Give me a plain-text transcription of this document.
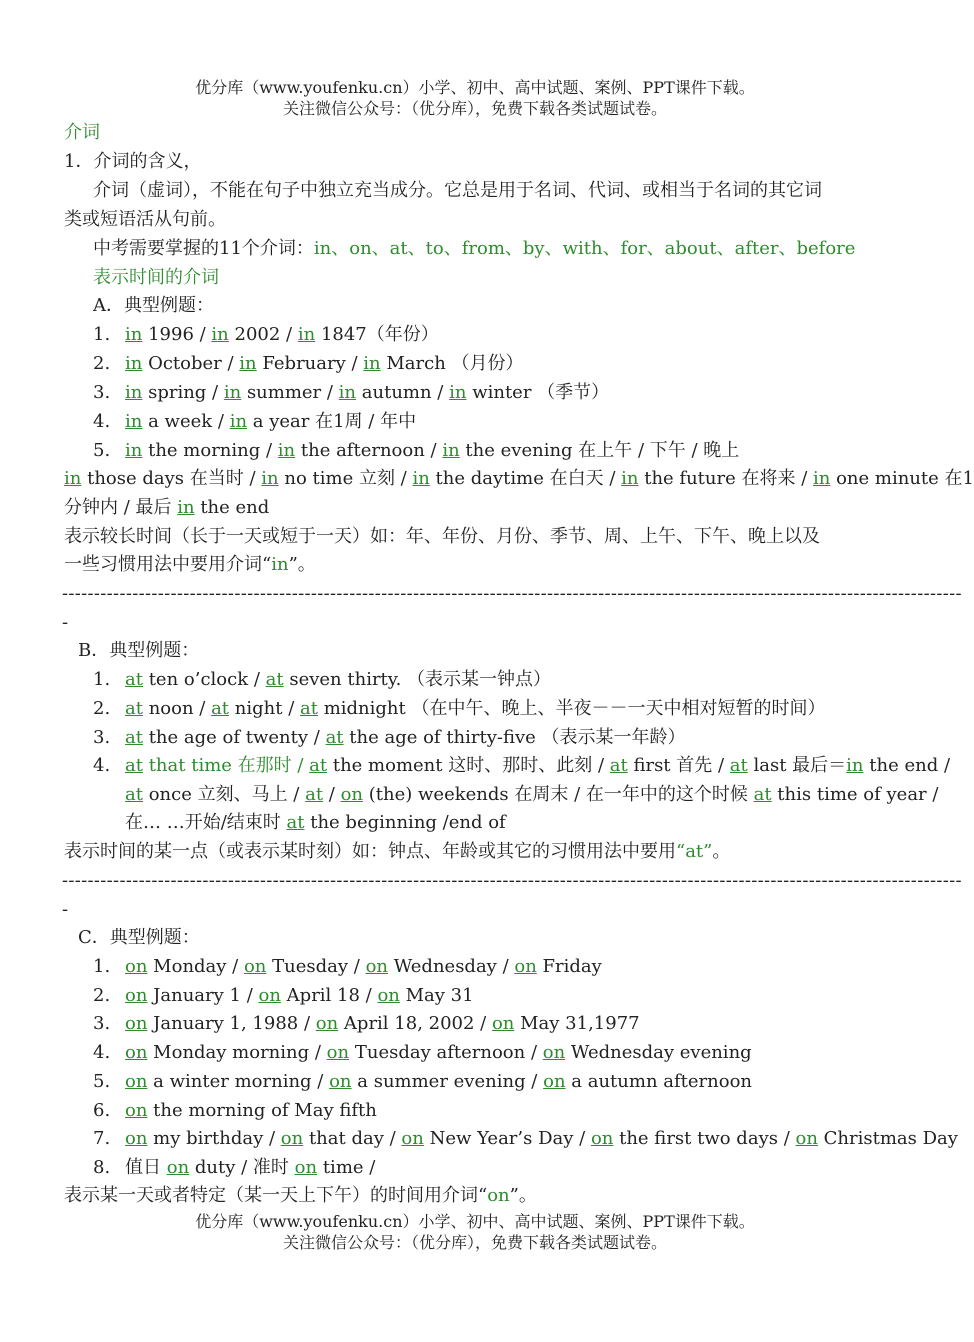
优分库（www.youfenku.cn）小学、初中、高中试题、案例、PPT课件下载。
关注微信公众号：（优分库），免费下载各类试题试卷。
介词
1．介词的含义，
介词（虚词），不能在句子中独立充当成分。它总是用于名词、代词、或相当于名词的其它词
类或短语活从句前。
中考需要掌握的11个介词：in、on、at、to、from、by、with、for、about、after、before
表示时间的介词
A．典型例题：
1. in 1996 / in 2002 / in 1847（年份）
2. in October / in February / in March （月份）
3. in spring / in summer / in autumn / in winter （季节）
4. in a week / in a year 在1周 / 年中
5. in the morning / in the afternoon / in the evening 在上午 / 下午 / 晚上
in those days 在当时 / in no time 立刻 / in the daytime 在白天 / in the future 在将来 / in one minute 在1
分钟内 / 最后 in the end
表示较长时间（长于一天或短于一天）如：年、年份、月份、季节、周、上午、下午、晚上以及
一些习惯用法中要用介词“in”。
---------------------------------------------------------------------------------------------------------------------------------------------
-
B．典型例题：
1. at ten o’clock / at seven thirty. （表示某一钟点）
2. at noon / at night / at midnight （在中午、晚上、半夜－－一天中相对短暂的时间）
3. at the age of twenty / at the age of thirty-five （表示某一年龄）
4. at that time 在那时 / at the moment 这时、那时、此刻 / at first 首先 / at last 最后＝in the end /
at once 立刻、马上 / at / on (the) weekends 在周末 / 在一年中的这个时候 at this time of year /
在… …开始/结束时 at the beginning /end of
表示时间的某一点（或表示某时刻）如：钟点、年龄或其它的习惯用法中要用“at”。
---------------------------------------------------------------------------------------------------------------------------------------------
-
C．典型例题：
1. on Monday / on Tuesday / on Wednesday / on Friday
2. on January 1 / on April 18 / on May 31
3. on January 1, 1988 / on April 18, 2002 / on May 31,1977
4. on Monday morning / on Tuesday afternoon / on Wednesday evening
5. on a winter morning / on a summer evening / on a autumn afternoon
6. on the morning of May fifth
7. on my birthday / on that day / on New Year’s Day / on the first two days / on Christmas Day
8. 值日 on duty / 准时 on time /
表示某一天或者特定（某一天上下午）的时间用介词“on”。
优分库（www.youfenku.cn）小学、初中、高中试题、案例、PPT课件下载。
关注微信公众号：（优分库），免费下载各类试题试卷。
